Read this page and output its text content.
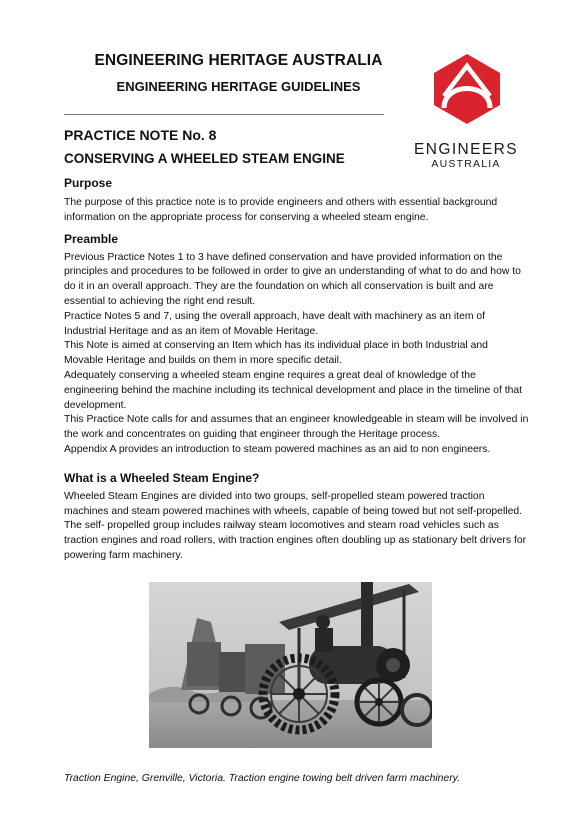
ENGINEERING HERITAGE AUSTRALIA
ENGINEERING HERITAGE GUIDELINES
ENGINEERS
AUSTRALIA
PRACTICE NOTE No. 8
CONSERVING A WHEELED STEAM ENGINE
Purpose

The purpose of this practice note is to provide engineers and others with essential background information on the appropriate process for conserving a wheeled steam engine.

Preamble

Previous Practice Notes 1 to 3 have defined conservation and have provided information on the principles and procedures to be followed in order to give an understanding of what to do and how to do it in an overall approach. They are the foundation on which all conservation is built and are essential to achieving the right end result.

Practice Notes 5 and 7, using the overall approach, have dealt with machinery as an item of Industrial Heritage and as an item of Movable Heritage.

This Note is aimed at conserving an Item which has its individual place in both Industrial and Movable Heritage and builds on them in more specific detail.

Adequately conserving a wheeled steam engine requires a great deal of knowledge of the engineering behind the machine including its technical development and place in the timeline of that development.

This Practice Note calls for and assumes that an engineer knowledgeable in steam will be involved in the work and concentrates on guiding that engineer through the Heritage process.

Appendix A provides an introduction to steam powered machines as an aid to non engineers.

What is a Wheeled Steam Engine?

Wheeled Steam Engines are divided into two groups, self-propelled steam powered traction machines and steam powered machines with wheels, capable of being towed but not self-propelled.

The self- propelled group includes railway steam locomotives and steam road vehicles such as traction engines and road rollers, with traction engines often doubling up as stationary belt drivers for powering farm machinery.

Traction Engine, Grenville, Victoria. Traction engine towing belt driven farm machinery.
